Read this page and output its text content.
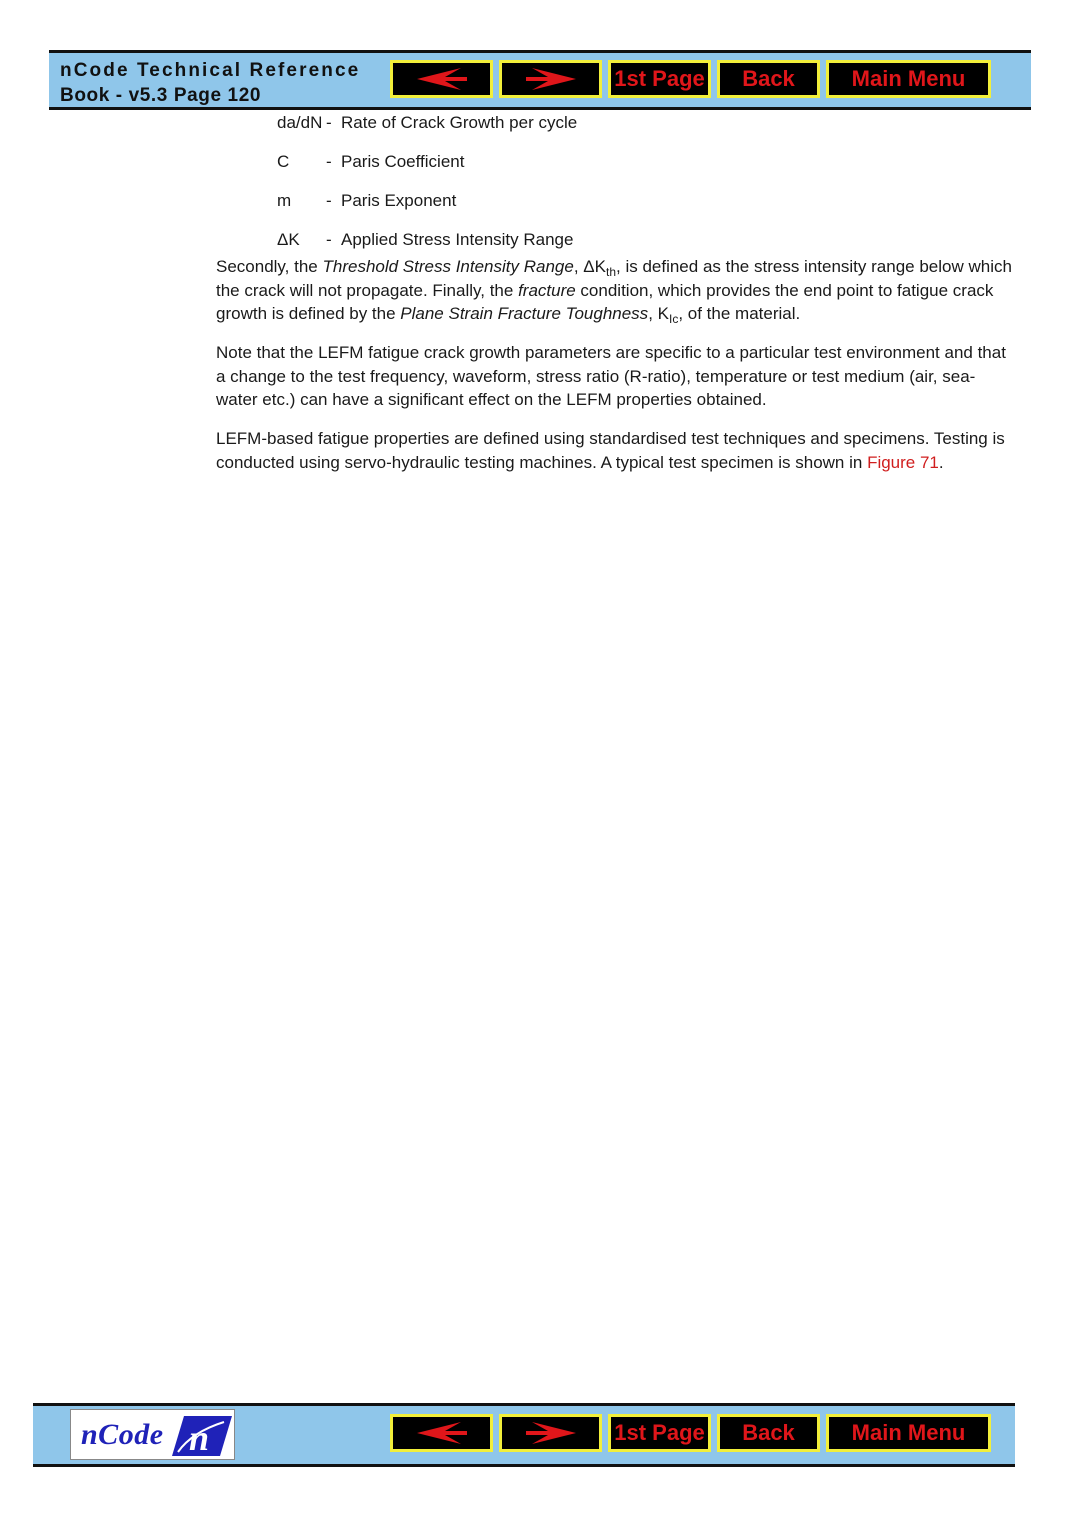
nCode Technical Reference
Book - v5.3 Page 120
1st Page Back	Main Menu
da/dN - Rate of Crack Growth per cycle
C - Paris Coefficient
m - Paris Exponent
ΔK - Applied Stress Intensity Range

Secondly, the Threshold Stress Intensity Range, $\Delta K_{th}$, is defined as the stress intensity range below which the crack will not propagate. Finally, the fracture condition, which provides the end point to fatigue crack growth is defined by the Plane Strain Fracture Toughness, $K_{Ic}$, of the material.

Note that the LEFM fatigue crack growth parameters are specific to a particular test environment and that a change to the test frequency, waveform, stress ratio (R-ratio), temperature or test medium (air, sea-water etc.) can have a significant effect on the LEFM properties obtained.

LEFM-based fatigue properties are defined using standardised test techniques and specimens. Testing is conducted using servo-hydraulic testing machines. A typical test specimen is shown in Figure 71.

nCode n	1st Page Back	Main Menu
